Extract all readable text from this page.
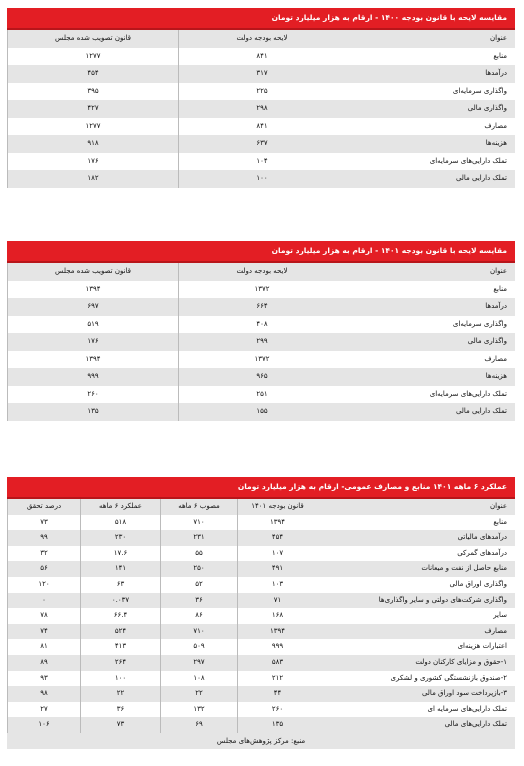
مقایسه لایحه با قانون بودجه ۱۴۰۰ - ارقام به هزار میلیارد تومان
عنوان
لایحه بودجه دولت
قانون تصویب شده مجلس
منابع
۸۴۱
۱۲۷۷
درآمدها
۳۱۷
۴۵۴
واگذاری سرمایه‌ای
۲۲۵
۳۹۵
واگذاری مالی
۲۹۸
۴۲۷
مصارف
۸۴۱
۱۲۷۷
هزینه‌ها
۶۳۷
۹۱۸
تملک دارایی‌های سرمایه‌ای
۱۰۴
۱۷۶
تملک دارایی مالی
۱۰۰
۱۸۲
مقایسه لایحه با قانون بودجه ۱۴۰۱ - ارقام به هزار میلیارد تومان
عنوان
لایحه بودجه دولت
قانون تصویب شده مجلس
منابع
۱۳۷۲
۱۳۹۴
درآمدها
۶۶۴
۶۹۷
واگذاری سرمایه‌ای
۴۰۸
۵۱۹
واگذاری مالی
۲۹۹
۱۷۶
مصارف
۱۳۷۲
۱۳۹۴
هزینه‌ها
۹۶۵
۹۹۹
تملک دارایی‌های سرمایه‌ای
۲۵۱
۲۶۰
تملک دارایی مالی
۱۵۵
۱۳۵
عملکرد ۶ ماهه ۱۴۰۱ منابع و مصارف عمومی- ارقام به هزار میلیارد تومان
عنوان
قانون بودجه ۱۴۰۱
مصوب ۶ ماهه
عملکرد ۶ ماهه
درصد تحقق
منابع
۱۳۹۴
۷۱۰
۵۱۸
۷۳
درآمدهای مالیاتی
۴۵۴
۲۳۱
۲۳۰
۹۹
درآمدهای گمرکی
۱۰۷
۵۵
۱۷.۶
۳۲
منابع حاصل از نفت و میعانات
۴۹۱
۲۵۰
۱۴۱
۵۶
واگذاری اوراق مالی
۱۰۳
۵۲
۶۳
۱۲۰
واگذاری شرکت‌های دولتی و سایر واگذاری‌ها
۷۱
۳۶
۰.۰۳۷
۰
سایر
۱۶۸
۸۶
۶۶.۴
۷۸
مصارف
۱۳۹۴
۷۱۰
۵۲۴
۷۴
اعتبارات هزینه‌ای
۹۹۹
۵۰۹
۴۱۳
۸۱
۱-حقوق و مزایای کارکنان دولت
۵۸۳
۲۹۷
۲۶۴
۸۹
۲-صندوق بازنشستگی کشوری و لشکری
۲۱۲
۱۰۸
۱۰۰
۹۳
۳-بازپرداخت سود اوراق مالی
۴۴
۲۲
۲۲
۹۸
تملک دارایی‌های سرمایه ای
۲۶۰
۱۳۲
۳۶
۲۷
تملک دارایی‌های مالی
۱۳۵
۶۹
۷۳
۱۰۶
منبع: مرکز پژوهش‌های مجلس
